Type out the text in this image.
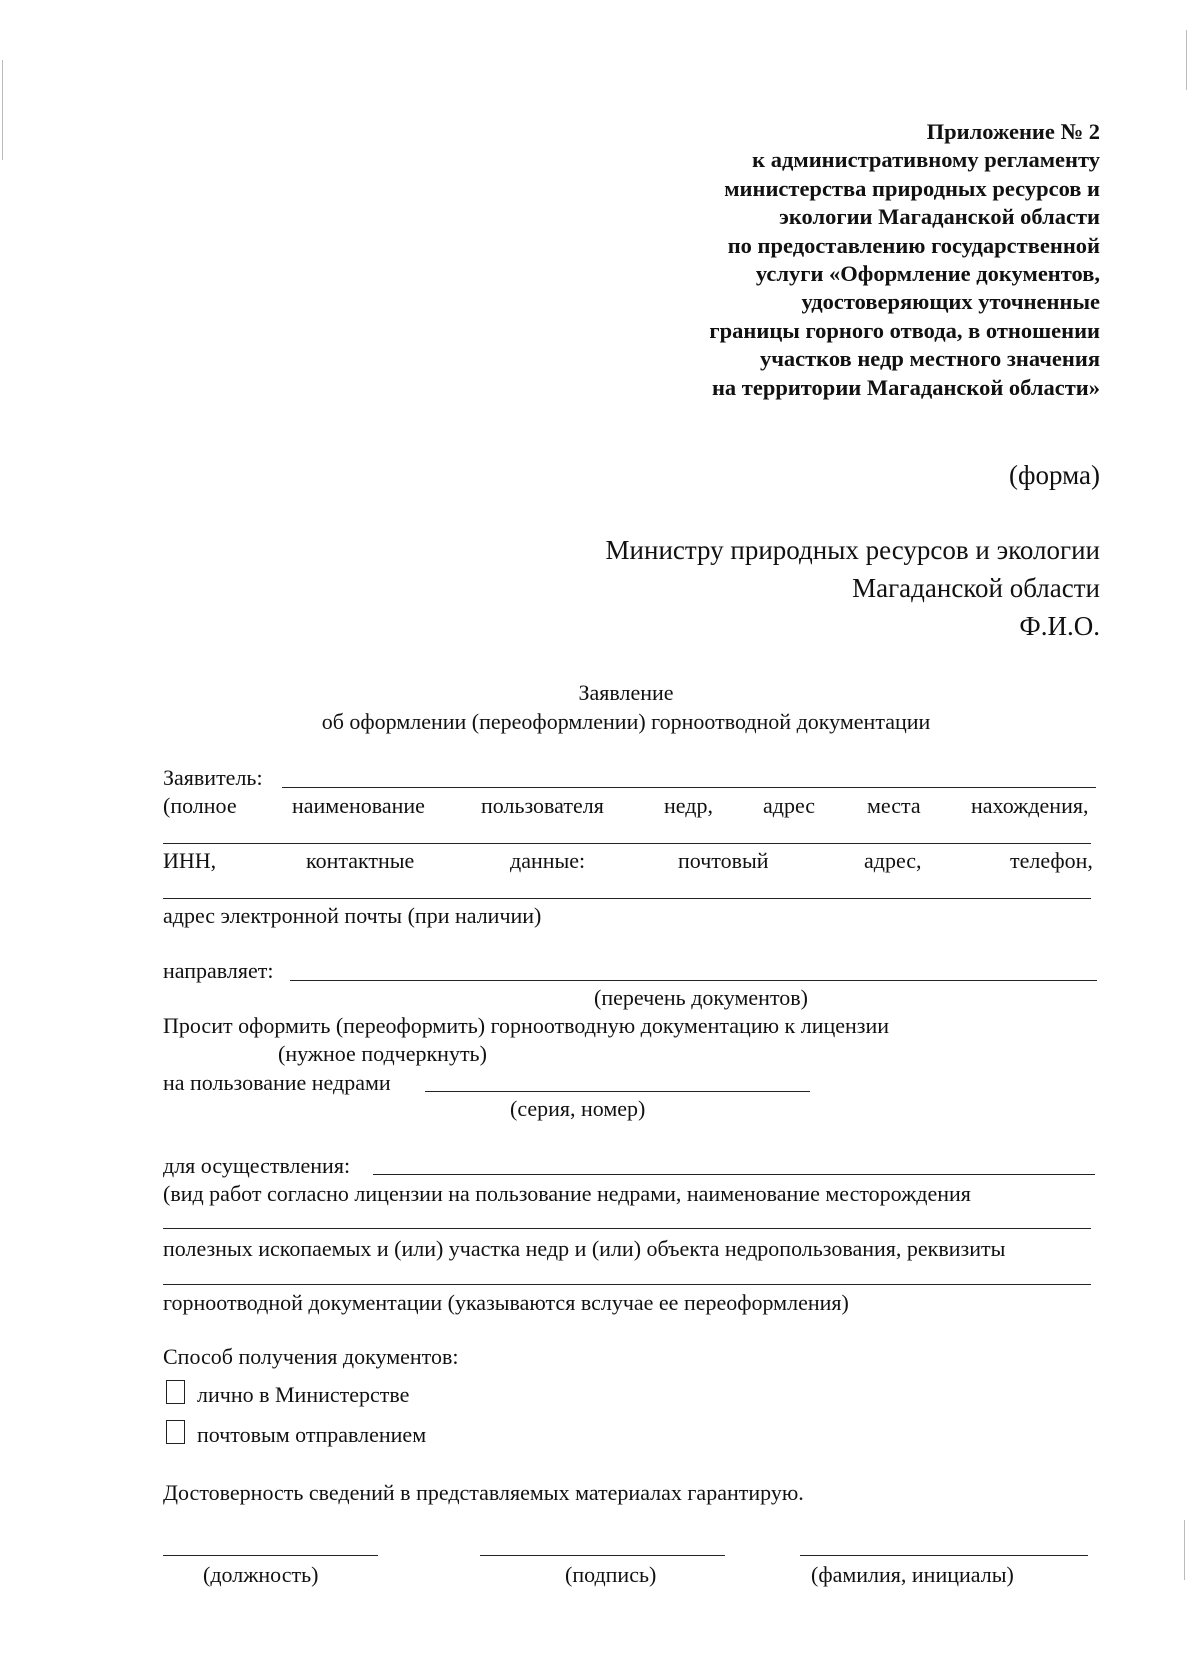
Приложение № 2
к административному регламенту
министерства природных ресурсов и
экологии Магаданской области
по предоставлению государственной
услуги «Оформление документов,
удостоверяющих уточненные
границы горного отвода, в отношении
участков недр местного значения
на территории Магаданской области»
(форма)
Министру природных ресурсов и экологии
Магаданской области
Ф.И.О.
Заявление
об оформлении (переоформлении) горноотводной документации
Заявитель:
(полное	наименование	пользователя	недр, адрес места нахождения,
ИНН,	контактные	данные:	почтовый	адрес,	телефон,
адрес электронной почты (при наличии)
направляет:
(перечень документов)
Просит оформить (переоформить) горноотводную документацию к лицензии
(нужное подчеркнуть)
на пользование недрами
(серия, номер)
для осуществления:
(вид работ согласно лицензии на пользование недрами, наименование месторождения
полезных ископаемых и (или) участка недр и (или) объекта недропользования, реквизиты
горноотводной документации (указываются вслучае ее переоформления)
Способ получения документов:
лично в Министерстве
почтовым отправлением
Достоверность сведений в представляемых материалах гарантирую.
(должность)	(подпись)	(фамилия, инициалы)
